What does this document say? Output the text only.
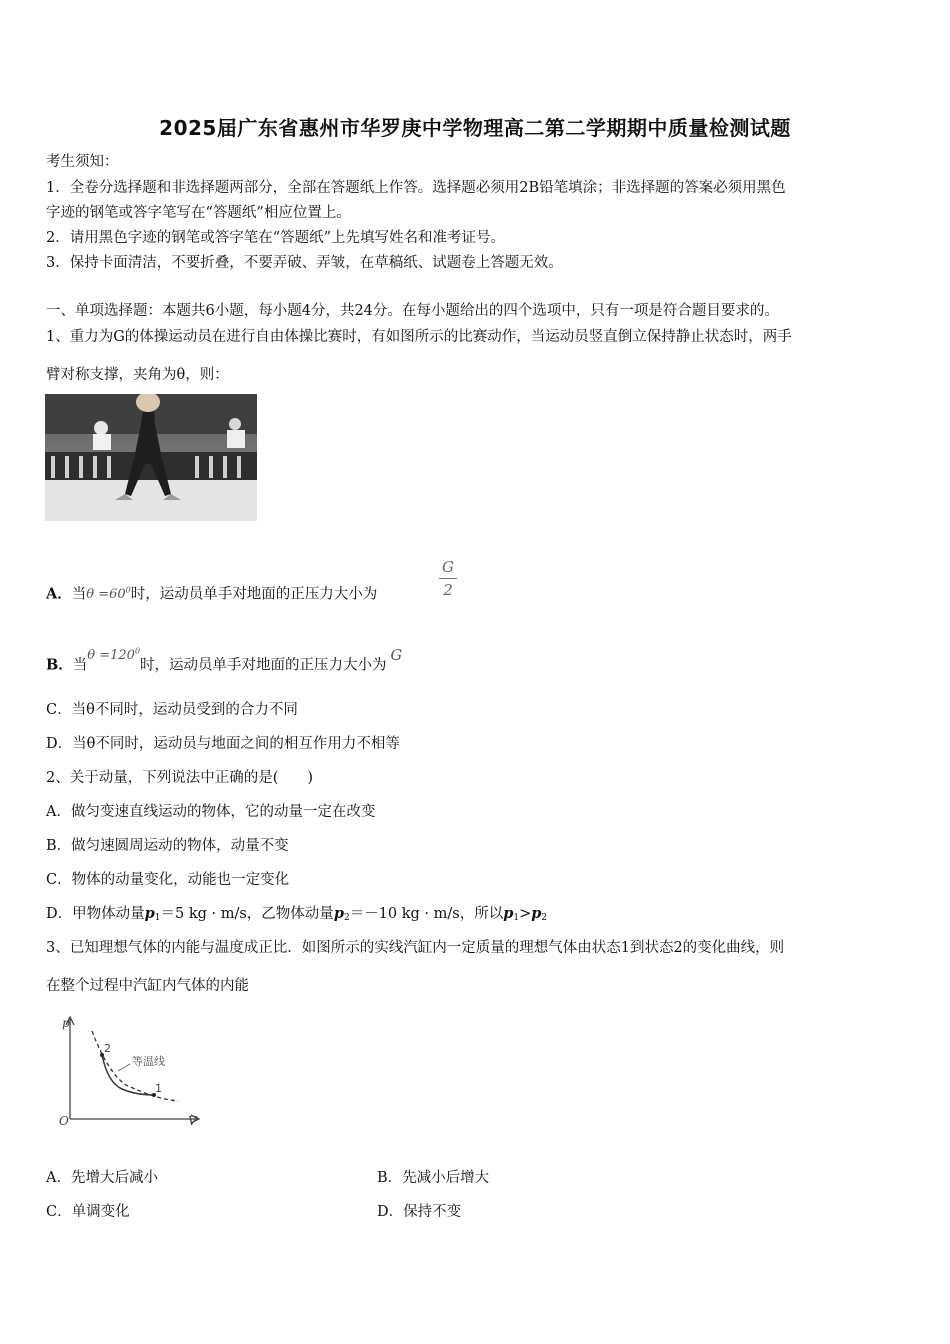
2025届广东省惠州市华罗庚中学物理高二第二学期期中质量检测试题
考生须知：
1．全卷分选择题和非选择题两部分，全部在答题纸上作答。选择题必须用2B铅笔填涂；非选择题的答案必须用黑色
字迹的钢笔或答字笔写在“答题纸”相应位置上。
2．请用黑色字迹的钢笔或答字笔在“答题纸”上先填写姓名和准考证号。
3．保持卡面清洁，不要折叠，不要弄破、弄皱，在草稿纸、试题卷上答题无效。
一、单项选择题：本题共6小题，每小题4分，共24分。在每小题给出的四个选项中，只有一项是符合题目要求的。
1、重力为G的体操运动员在进行自由体操比赛时，有如图所示的比赛动作，当运动员竖直倒立保持静止状态时，两手
臂对称支撑，夹角为θ，则：
A．当$\theta =60^0$时，运动员单手对地面的正压力大小为
G
2
B．当$\theta =120^0$时，运动员单手对地面的正压力大小为G
C．当θ不同时，运动员受到的合力不同
D．当θ不同时，运动员与地面之间的相互作用力不相等
2、关于动量，下列说法中正确的是(　　)
A．做匀变速直线运动的物体，它的动量一定在改变
B．做匀速圆周运动的物体，动量不变
C．物体的动量变化，动能也一定变化
D．甲物体动量$p_1=5$ kg · m/s，乙物体动量$p_2=-10$ kg · m/s，所以$p_1>p_2$
3、已知理想气体的内能与温度成正比．如图所示的实线汽缸内一定质量的理想气体由状态1到状态2的变化曲线，则
在整个过程中汽缸内气体的内能
p
V
O
2
1
等温线
A．先增大后减小	B．先减小后增大
C．单调变化	D．保持不变
